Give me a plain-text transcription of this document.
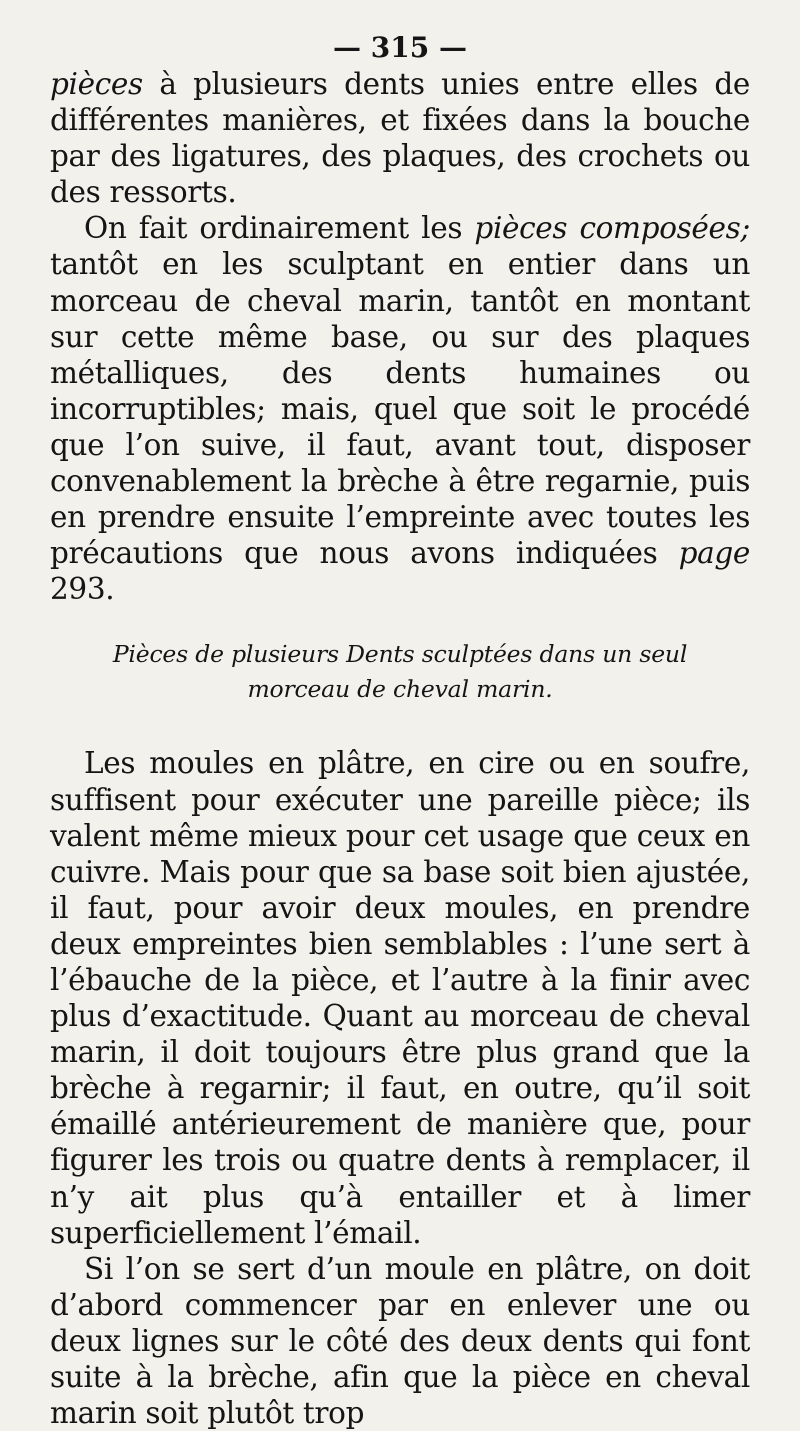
— 315 —

pièces à plusieurs dents unies entre elles de différentes manières, et fixées dans la bouche par des ligatures, des plaques, des crochets ou des ressorts.

On fait ordinairement les pièces composées; tantôt en les sculptant en entier dans un morceau de cheval marin, tantôt en montant sur cette même base, ou sur des plaques métalliques, des dents humaines ou incorruptibles; mais, quel que soit le procédé que l’on suive, il faut, avant tout, disposer convenablement la brèche à être regarnie, puis en prendre ensuite l’empreinte avec toutes les précautions que nous avons indiquées page 293.

Pièces de plusieurs Dents sculptées dans un seul
morceau de cheval marin.

Les moules en plâtre, en cire ou en soufre, suffisent pour exécuter une pareille pièce; ils valent même mieux pour cet usage que ceux en cuivre. Mais pour que sa base soit bien ajustée, il faut, pour avoir deux moules, en prendre deux empreintes bien semblables : l’une sert à l’ébauche de la pièce, et l’autre à la finir avec plus d’exactitude. Quant au morceau de cheval marin, il doit toujours être plus grand que la brèche à regarnir; il faut, en outre, qu’il soit émaillé antérieurement de manière que, pour figurer les trois ou quatre dents à remplacer, il n’y ait plus qu’à entailler et à limer superficiellement l’émail.

Si l’on se sert d’un moule en plâtre, on doit d’abord commencer par en enlever une ou deux lignes sur le côté des deux dents qui font suite à la brèche, afin que la pièce en cheval marin soit plutôt trop
